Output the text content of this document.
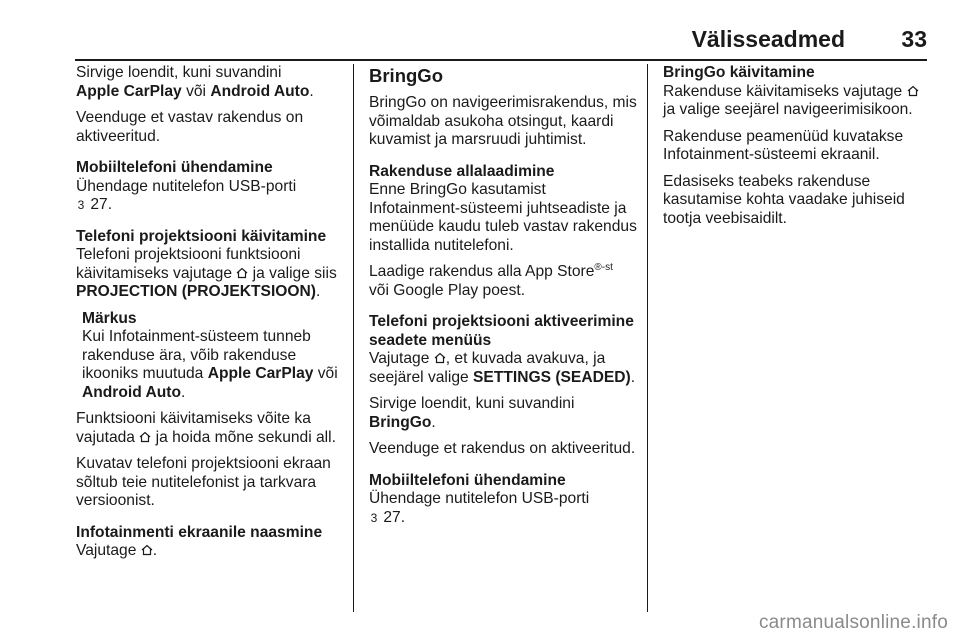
Välisseadmed 33

Sirvige loendit, kuni suvandini
Apple CarPlay või Android Auto.

Veenduge et vastav rakendus on aktiveeritud.

Mobiiltelefoni ühendamine

Ühendage nutitelefon USB-porti
3 27.

Telefoni projektsiooni käivitamine

Telefoni projektsiooni funktsiooni käivitamiseks vajutage
ja valige siis PROJECTION (PROJEKTSIOON).

Märkus
Kui Infotainment-süsteem tunneb rakenduse ära, võib rakenduse ikooniks muutuda Apple CarPlay või Android Auto.

Funktsiooni käivitamiseks võite ka vajutada
ja hoida mõne sekundi all.

Kuvatav telefoni projektsiooni ekraan sõltub teie nutitelefonist ja tarkvara versioonist.

Infotainmenti ekraanile naasmine

Vajutage
.

BringGo

BringGo on navigeerimisrakendus, mis võimaldab asukoha otsingut, kaardi kuvamist ja marsruudi juhtimist.

Rakenduse allalaadimine

Enne BringGo kasutamist Infotainment-süsteemi juhtseadiste ja menüüde kaudu tuleb vastav rakendus installida nutitelefoni.

Laadige rakendus alla App Store$^{®-st}$
või Google Play poest.

Telefoni projektsiooni aktiveerimine seadete menüüs

Vajutage
, et kuvada avakuva, ja seejärel valige SETTINGS (SEADED).

Sirvige loendit, kuni suvandini
BringGo.

Veenduge et rakendus on aktiveeritud.

Mobiiltelefoni ühendamine

Ühendage nutitelefon USB-porti
3 27.

BringGo käivitamine

Rakenduse käivitamiseks vajutage
ja valige seejärel navigeerimisikoon.

Rakenduse peamenüüd kuvatakse Infotainment-süsteemi ekraanil.

Edasiseks teabeks rakenduse kasutamise kohta vaadake juhiseid tootja veebisaidilt.

carmanualsonline.info
